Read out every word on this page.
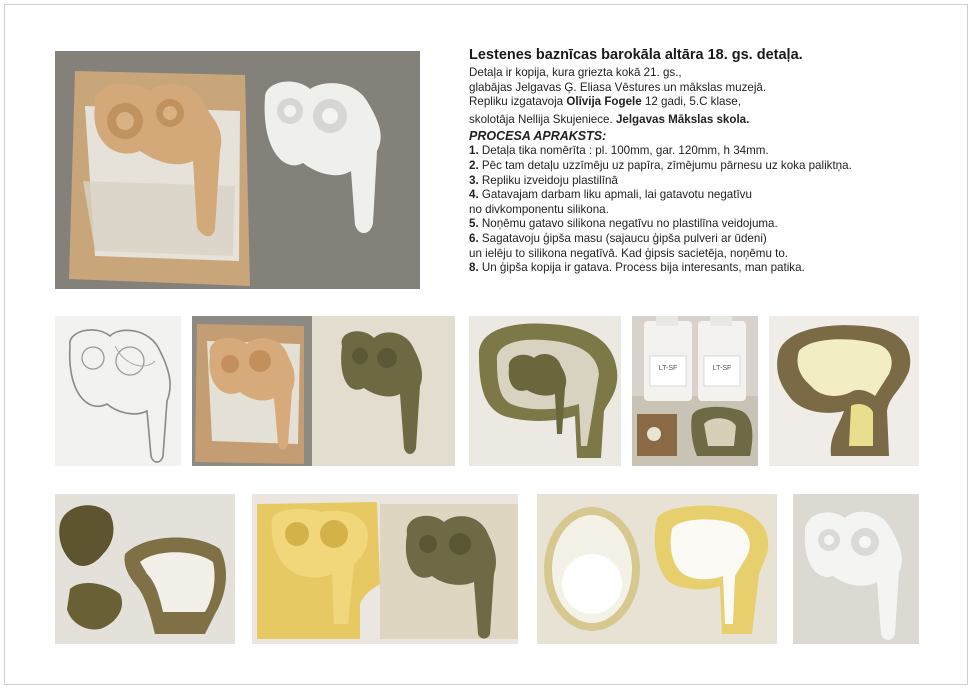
Lestenes baznīcas barokāla altāra 18. gs. detaļa.
Detaļa ir kopija, kura griezta kokā 21. gs.,
glabājas Jelgavas Ģ. Eliasa Vēstures un mākslas muzejā.
Repliku izgatavoja Olīvija Fogele 12 gadi, 5.C klase,
skolotāja Nellija Skujeniece. Jelgavas Mākslas skola.
PROCESA APRAKSTS:
1. Detaļa tika nomērīta : pl. 100mm, gar. 120mm, h 34mm.
2. Pēc tam detaļu uzzīmēju uz papīra, zīmējumu pārnesu uz koka paliktņa.
3. Repliku izveidoju plastilīnā
4. Gatavajam darbam liku apmali, lai gatavotu negatīvu
no divkomponentu silikona.
5. Noņēmu gatavo silikona negatīvu no plastilīna veidojuma.
6. Sagatavoju ģipša masu (sajaucu ģipša pulveri ar ūdeni)
un ielēju to silikona negatīvā. Kad ģipsis sacietēja, noņēmu to.
8. Un ģipša kopija ir gatava. Process bija interesants, man patika.
LT-SF	LT-SF
